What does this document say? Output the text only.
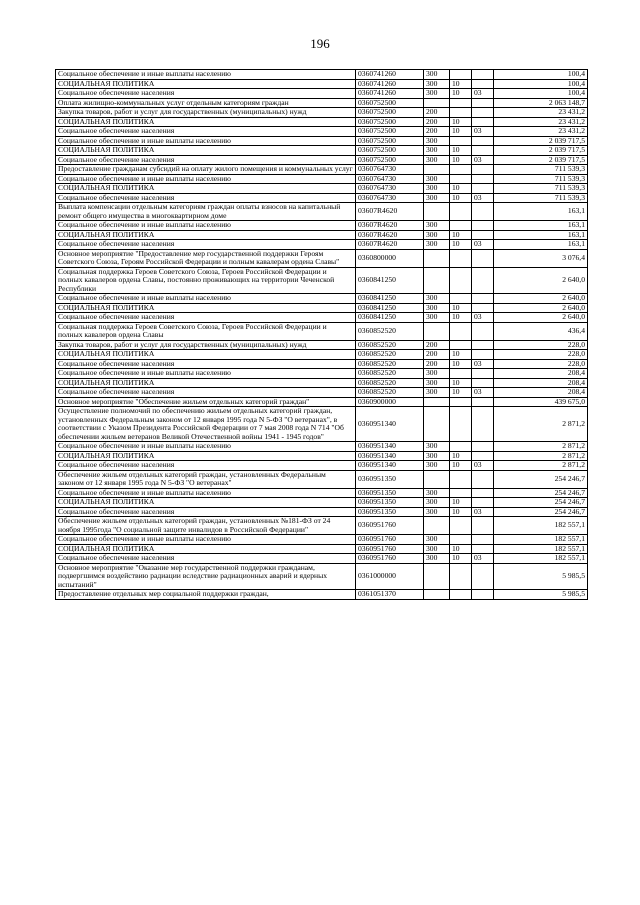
196
Социальное обеспечение и иные выплаты населению	0360741260	300			100,4
СОЦИАЛЬНАЯ ПОЛИТИКА	0360741260	300	10		100,4
Социальное обеспечение населения	0360741260	300	10	03	100,4
Оплата жилищно-коммунальных услуг отдельным категориям граждан	0360752500				2 063 148,7
Закупка товаров, работ и услуг для государственных (муниципальных) нужд	0360752500	200			23 431,2
СОЦИАЛЬНАЯ ПОЛИТИКА	0360752500	200	10		23 431,2
Социальное обеспечение населения	0360752500	200	10	03	23 431,2
Социальное обеспечение и иные выплаты населению	0360752500	300			2 039 717,5
СОЦИАЛЬНАЯ ПОЛИТИКА	0360752500	300	10		2 039 717,5
Социальное обеспечение населения	0360752500	300	10	03	2 039 717,5
Предоставление гражданам субсидий на оплату жилого помещения и коммунальных услуг	0360764730				711 539,3
Социальное обеспечение и иные выплаты населению	0360764730	300			711 539,3
СОЦИАЛЬНАЯ ПОЛИТИКА	0360764730	300	10		711 539,3
Социальное обеспечение населения	0360764730	300	10	03	711 539,3
Выплата компенсации отдельным категориям граждан оплаты взносов на капитальный ремонт общего имущества в многоквартирном доме	03607R4620				163,1
Социальное обеспечение и иные выплаты населению	03607R4620	300			163,1
СОЦИАЛЬНАЯ ПОЛИТИКА	03607R4620	300	10		163,1
Социальное обеспечение населения	03607R4620	300	10	03	163,1
Основное мероприятие "Предоставление мер государственной поддержки Героям Советского Союза, Героям Российской Федерации и полным кавалерам ордена Славы"	0360800000				3 076,4
Социальная поддержка Героев Советского Союза, Героев Российской Федерации и полных кавалеров ордена Славы, постоянно проживающих на территории Чеченской Республики	0360841250				2 640,0
Социальное обеспечение и иные выплаты населению	0360841250	300			2 640,0
СОЦИАЛЬНАЯ ПОЛИТИКА	0360841250	300	10		2 640,0
Социальное обеспечение населения	0360841250	300	10	03	2 640,0
Социальная поддержка Героев Советского Союза, Героев Российской Федерации и полных кавалеров ордена Славы	0360852520				436,4
Закупка товаров, работ и услуг для государственных (муниципальных) нужд	0360852520	200			228,0
СОЦИАЛЬНАЯ ПОЛИТИКА	0360852520	200	10		228,0
Социальное обеспечение населения	0360852520	200	10	03	228,0
Социальное обеспечение и иные выплаты населению	0360852520	300			208,4
СОЦИАЛЬНАЯ ПОЛИТИКА	0360852520	300	10		208,4
Социальное обеспечение населения	0360852520	300	10	03	208,4
Основное мероприятие "Обеспечение жильем отдельных категорий граждан"	0360900000				439 675,0
Осуществление полномочий по обеспечению жильем отдельных категорий граждан, установленных Федеральным законом от 12 января 1995 года N 5-ФЗ "О ветеранах", в соответствии с Указом Президента Российской Федерации от 7 мая 2008 года N 714 "Об обеспечении жильем ветеранов Великой Отечественной войны 1941 - 1945 годов"	0360951340				2 871,2
Социальное обеспечение и иные выплаты населению	0360951340	300			2 871,2
СОЦИАЛЬНАЯ ПОЛИТИКА	0360951340	300	10		2 871,2
Социальное обеспечение населения	0360951340	300	10	03	2 871,2
Обеспечение жильем отдельных категорий граждан, установленных Федеральным законом от 12 января 1995 года N 5-ФЗ "О ветеранах"	0360951350				254 246,7
Социальное обеспечение и иные выплаты населению	0360951350	300			254 246,7
СОЦИАЛЬНАЯ ПОЛИТИКА	0360951350	300	10		254 246,7
Социальное обеспечение населения	0360951350	300	10	03	254 246,7
Обеспечение жильем отдельных категорий граждан, установленных №181-ФЗ от 24 ноября 1995года "О социальной защите инвалидов в Российской Федерации"	0360951760				182 557,1
Социальное обеспечение и иные выплаты населению	0360951760	300			182 557,1
СОЦИАЛЬНАЯ ПОЛИТИКА	0360951760	300	10		182 557,1
Социальное обеспечение населения	0360951760	300	10	03	182 557,1
Основное мероприятие "Оказание мер государственной поддержки гражданам, подвергшимся воздействию радиации вследствие радиационных аварий и ядерных испытаний"	0361000000				5 985,5
Предоставление отдельных мер социальной поддержки граждан,	0361051370				5 985,5
